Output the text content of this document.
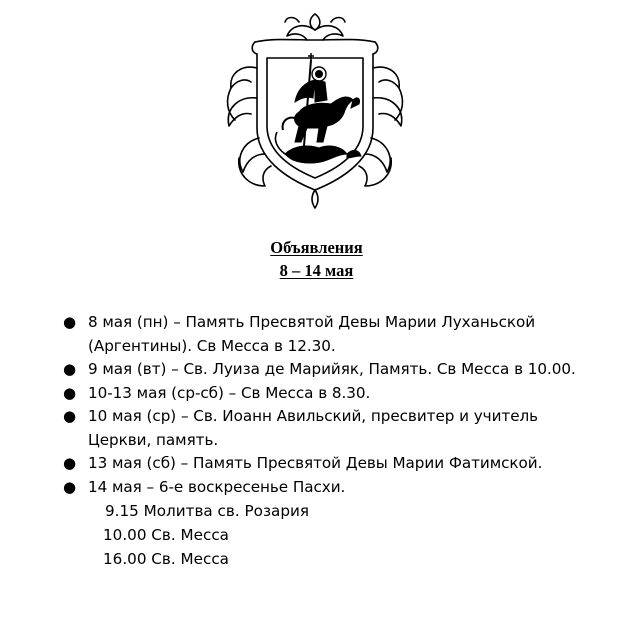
Объявления
8 – 14 мая
● 8 мая (пн) – Память Пресвятой Девы Марии Луханьской
(Аргентины). Св Месса в 12.30.
● 9 мая (вт) – Св. Луиза де Марийяк, Память. Св Месса в 10.00.
● 10-13 мая (ср-сб) – Св Месса в 8.30.
● 10 мая (ср) – Св. Иоанн Авильский, пресвитер и учитель
Церкви, память.
● 13 мая (сб) – Память Пресвятой Девы Марии Фатимской.
● 14 мая – 6-е воскресенье Пасхи.
9.15 Молитва св. Розария
10.00 Св. Месса
16.00 Св. Месса
